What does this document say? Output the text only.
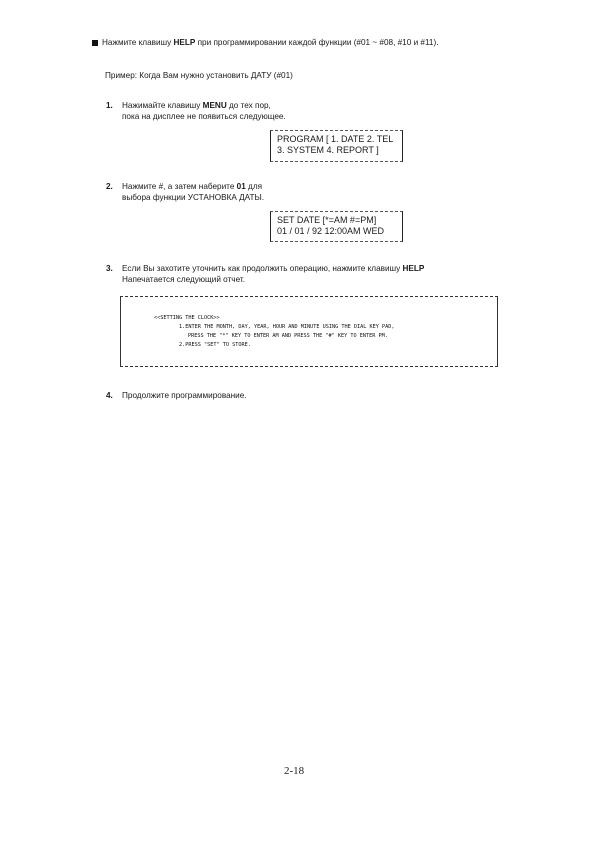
Нажмите клавишу HELP при программировании каждой функции (#01 ~ #08, #10 и #11).
Пример: Когда Вам нужно установить ДАТУ (#01)
1. Нажимайте клавишу MENU до тех пор,
пока на дисплее не появиться следующее.
PROGRAM [ 1. DATE 2. TEL
3. SYSTEM 4. REPORT ]
2. Нажмите #, а затем наберите 01 для
выбора функции УСТАНОВКА ДАТЫ.
SET DATE [*=AM #=PM]
01 / 01 / 92 12:00AM WED
3. Если Вы захотите уточнить как продолжить операцию, нажмите клавишу HELP
Напечатается следующий отчет.
<<SETTING THE CLOCK>>
1.ENTER THE MONTH, DAY, YEAR, HOUR AND MINUTE USING THE DIAL KEY PAD,
PRESS THE "*" KEY TO ENTER AM AND PRESS THE "#" KEY TO ENTER PM.
2.PRESS "SET" TO STORE.
4. Продолжите программирование.
2-18
